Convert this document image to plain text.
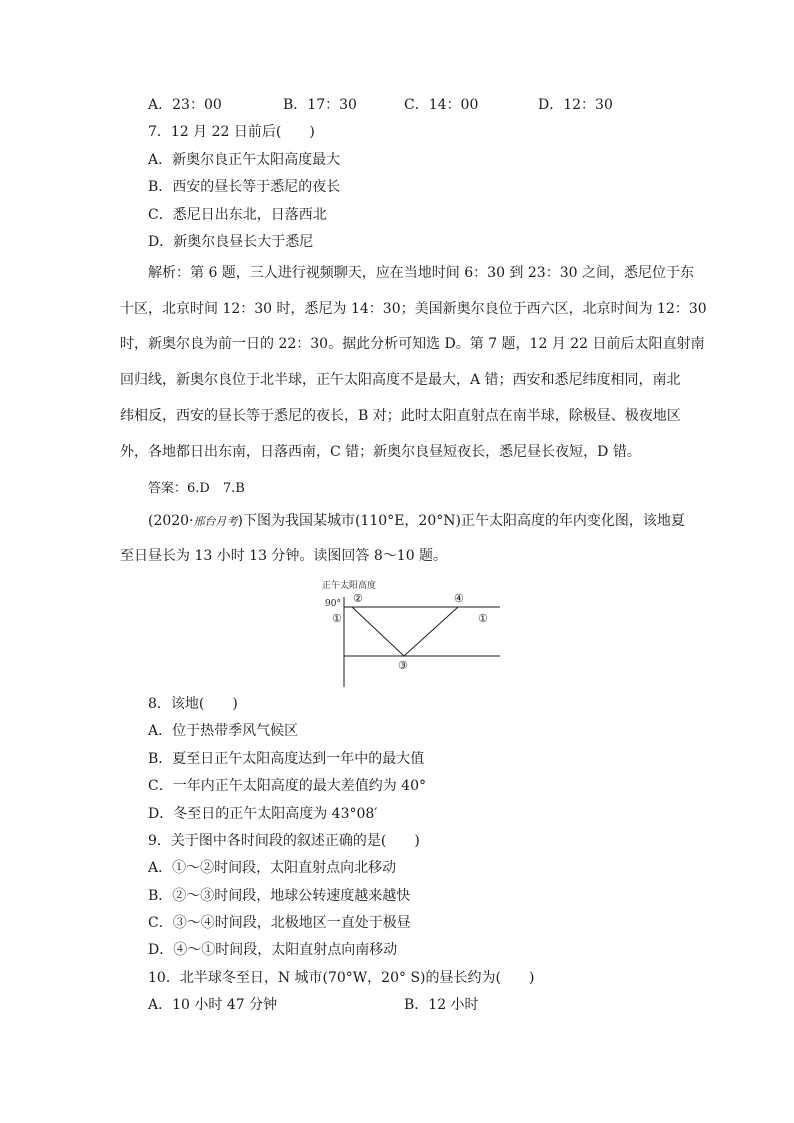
A．23：00	B．17：30	C．14：00	D．12：30
7．12 月 22 日前后(　　)
A．新奥尔良正午太阳高度最大
B．西安的昼长等于悉尼的夜长
C．悉尼日出东北，日落西北
D．新奥尔良昼长大于悉尼
解析：第 6 题，三人进行视频聊天，应在当地时间 6：30 到 23：30 之间，悉尼位于东
十区，北京时间 12：30 时，悉尼为 14：30；美国新奥尔良位于西六区，北京时间为 12：30
时，新奥尔良为前一日的 22：30。据此分析可知选 D。第 7 题，12 月 22 日前后太阳直射南
回归线，新奥尔良位于北半球，正午太阳高度不是最大，A 错；西安和悉尼纬度相同，南北
纬相反，西安的昼长等于悉尼的夜长，B 对；此时太阳直射点在南半球，除极昼、极夜地区
外，各地都日出东南，日落西南，C 错；新奥尔良昼短夜长，悉尼昼长夜短，D 错。
答案：6.D　7.B
(2020·邢台月考)下图为我国某城市(110°E，20°N)正午太阳高度的年内变化图，该地夏
至日昼长为 13 小时 13 分钟。读图回答 8～10 题。
正午太阳高度
90°
①
②
③
④
①
8．该地(　　)
A．位于热带季风气候区
B．夏至日正午太阳高度达到一年中的最大值
C．一年内正午太阳高度的最大差值约为 40°
D．冬至日的正午太阳高度为 43°08′
9．关于图中各时间段的叙述正确的是(　　)
A．①～②时间段，太阳直射点向北移动
B．②～③时间段，地球公转速度越来越快
C．③～④时间段，北极地区一直处于极昼
D．④～①时间段，太阳直射点向南移动
10．北半球冬至日，N 城市(70°W，20° S)的昼长约为(　　)
A．10 小时 47 分钟	B．12 小时
